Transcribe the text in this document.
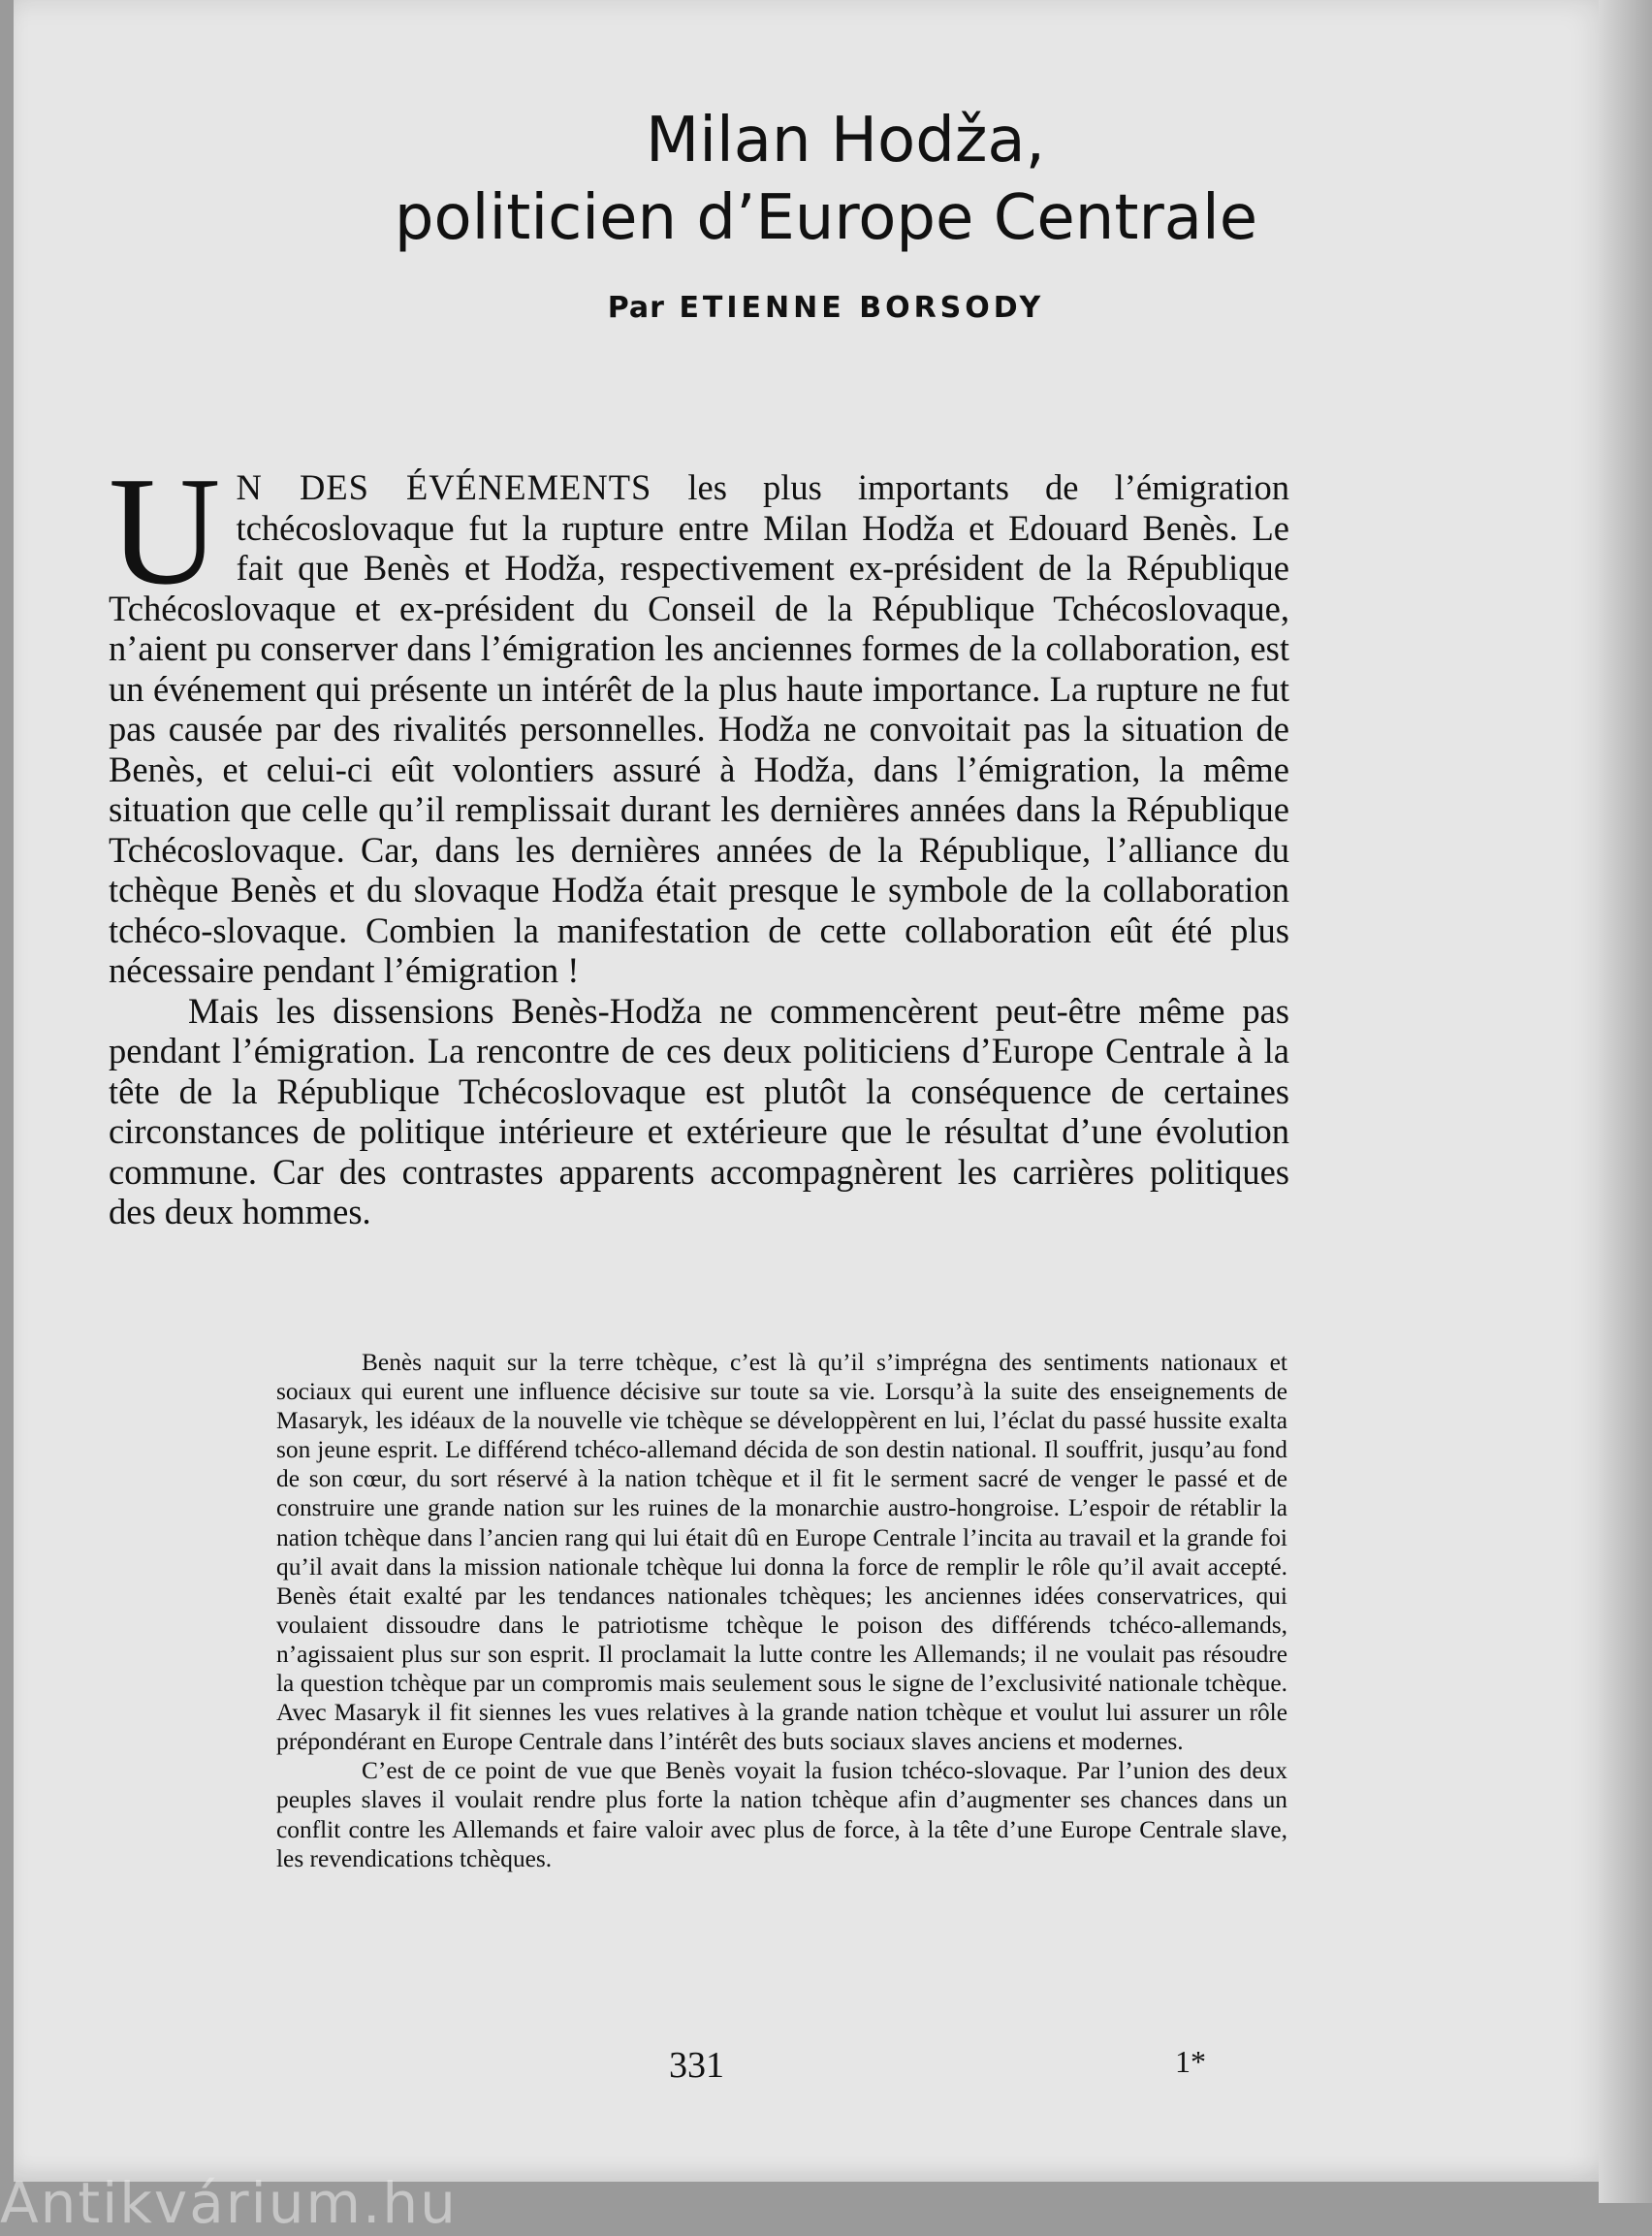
Milan Hodža,
politicien d’Europe Centrale
Par ETIENNE BORSODY

U N DES ÉVÉNEMENTS les plus importants de l’émigration tchécoslovaque fut la rupture entre Milan Hodža et Edouard Benès. Le fait que Benès et Hodža, respectivement ex-président de la République Tchécoslovaque et ex-président du Conseil de la République Tchécoslovaque, n’aient pu conserver dans l’émigration les anciennes formes de la collaboration, est un événement qui présente un intérêt de la plus haute importance. La rupture ne fut pas causée par des rivalités personnelles. Hodža ne convoitait pas la situation de Benès, et celui-ci eût volontiers assuré à Hodža, dans l’émigration, la même situation que celle qu’il remplissait durant les dernières années dans la République Tchécoslovaque. Car, dans les dernières années de la République, l’alliance du tchèque Benès et du slovaque Hodža était presque le symbole de la collaboration tchéco-slovaque. Combien la manifestation de cette collaboration eût été plus nécessaire pendant l’émigration !

Mais les dissensions Benès-Hodža ne commencèrent peut-être même pas pendant l’émigration. La rencontre de ces deux politiciens d’Europe Centrale à la tête de la République Tchécoslovaque est plutôt la conséquence de certaines circonstances de politique intérieure et extérieure que le résultat d’une évolution commune. Car des contrastes apparents accompagnèrent les carrières politiques des deux hommes.

Benès naquit sur la terre tchèque, c’est là qu’il s’imprégna des sentiments nationaux et sociaux qui eurent une influence décisive sur toute sa vie. Lorsqu’à la suite des enseignements de Masaryk, les idéaux de la nouvelle vie tchèque se développèrent en lui, l’éclat du passé hussite exalta son jeune esprit. Le différend tchéco-allemand décida de son destin national. Il souffrit, jusqu’au fond de son cœur, du sort réservé à la nation tchèque et il fit le serment sacré de venger le passé et de construire une grande nation sur les ruines de la monarchie austro-hongroise. L’espoir de rétablir la nation tchèque dans l’ancien rang qui lui était dû en Europe Centrale l’incita au travail et la grande foi qu’il avait dans la mission nationale tchèque lui donna la force de remplir le rôle qu’il avait accepté. Benès était exalté par les tendances nationales tchèques; les anciennes idées conservatrices, qui voulaient dissoudre dans le patriotisme tchèque le poison des différends tchéco-allemands, n’agissaient plus sur son esprit. Il proclamait la lutte contre les Allemands; il ne voulait pas résoudre la question tchèque par un compromis mais seulement sous le signe de l’exclusivité nationale tchèque. Avec Masaryk il fit siennes les vues relatives à la grande nation tchèque et voulut lui assurer un rôle prépondérant en Europe Centrale dans l’intérêt des buts sociaux slaves anciens et modernes.

C’est de ce point de vue que Benès voyait la fusion tchéco-slovaque. Par l’union des deux peuples slaves il voulait rendre plus forte la nation tchèque afin d’augmenter ses chances dans un conflit contre les Allemands et faire valoir avec plus de force, à la tête d’une Europe Centrale slave, les revendications tchèques.

331	1*
Antikvárium.hu
